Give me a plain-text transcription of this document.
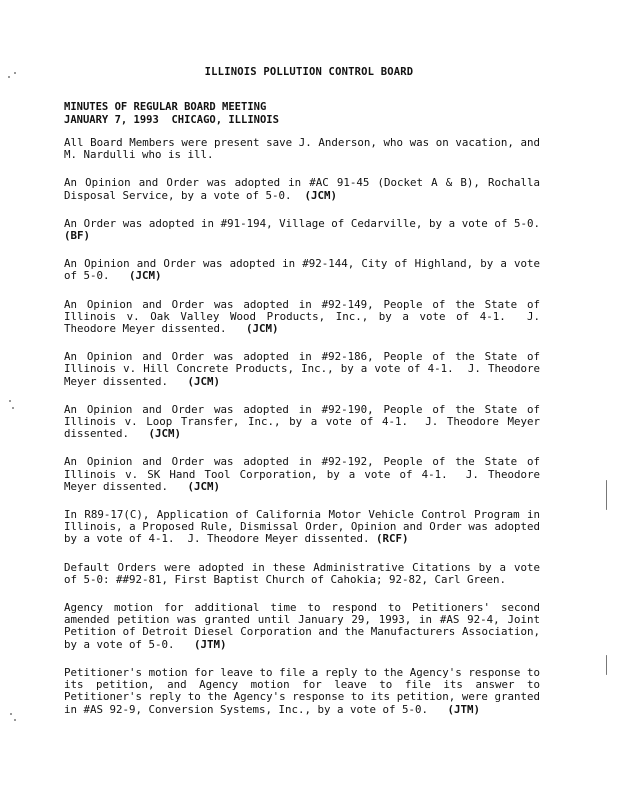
ILLINOIS POLLUTION CONTROL BOARD
MINUTES OF REGULAR BOARD MEETING
JANUARY 7, 1993  CHICAGO, ILLINOIS

All Board Members were present save J. Anderson, who was on vacation, and M. Nardulli who is ill.

An Opinion and Order was adopted in #AC 91-45 (Docket A & B), Rochalla Disposal Service, by a vote of 5-0.  (JCM)

An Order was adopted in #91-194, Village of Cedarville, by a vote of 5-0.   (BF)

An Opinion and Order was adopted in #92-144, City of Highland, by a vote of 5-0.   (JCM)

An Opinion and Order was adopted in #92-149, People of the State of Illinois v. Oak Valley Wood Products, Inc., by a vote of 4-1.  J. Theodore Meyer dissented.   (JCM)

An Opinion and Order was adopted in #92-186, People of the State of Illinois v. Hill Concrete Products, Inc., by a vote of 4-1.  J. Theodore Meyer dissented.   (JCM)

An Opinion and Order was adopted in #92-190, People of the State of Illinois v. Loop Transfer, Inc., by a vote of 4-1.  J. Theodore Meyer dissented.   (JCM)

An Opinion and Order was adopted in #92-192, People of the State of Illinois v. SK Hand Tool Corporation, by a vote of 4-1.  J. Theodore Meyer dissented.   (JCM)

In R89-17(C), Application of California Motor Vehicle Control Program in Illinois, a Proposed Rule, Dismissal Order, Opinion and Order was adopted by a vote of 4-1.  J. Theodore Meyer dissented. (RCF)

Default Orders were adopted in these Administrative Citations by a vote of 5-0: ##92-81, First Baptist Church of Cahokia; 92-82, Carl Green.

Agency motion for additional time to respond to Petitioners' second amended petition was granted until January 29, 1993, in #AS 92-4, Joint Petition of Detroit Diesel Corporation and the Manufacturers Association, by a vote of 5-0.   (JTM)

Petitioner's motion for leave to file a reply to the Agency's response to its petition, and Agency motion for leave to file its answer to Petitioner's reply to the Agency's response to its petition, were granted in #AS 92-9, Conversion Systems, Inc., by a vote of 5-0.   (JTM)
